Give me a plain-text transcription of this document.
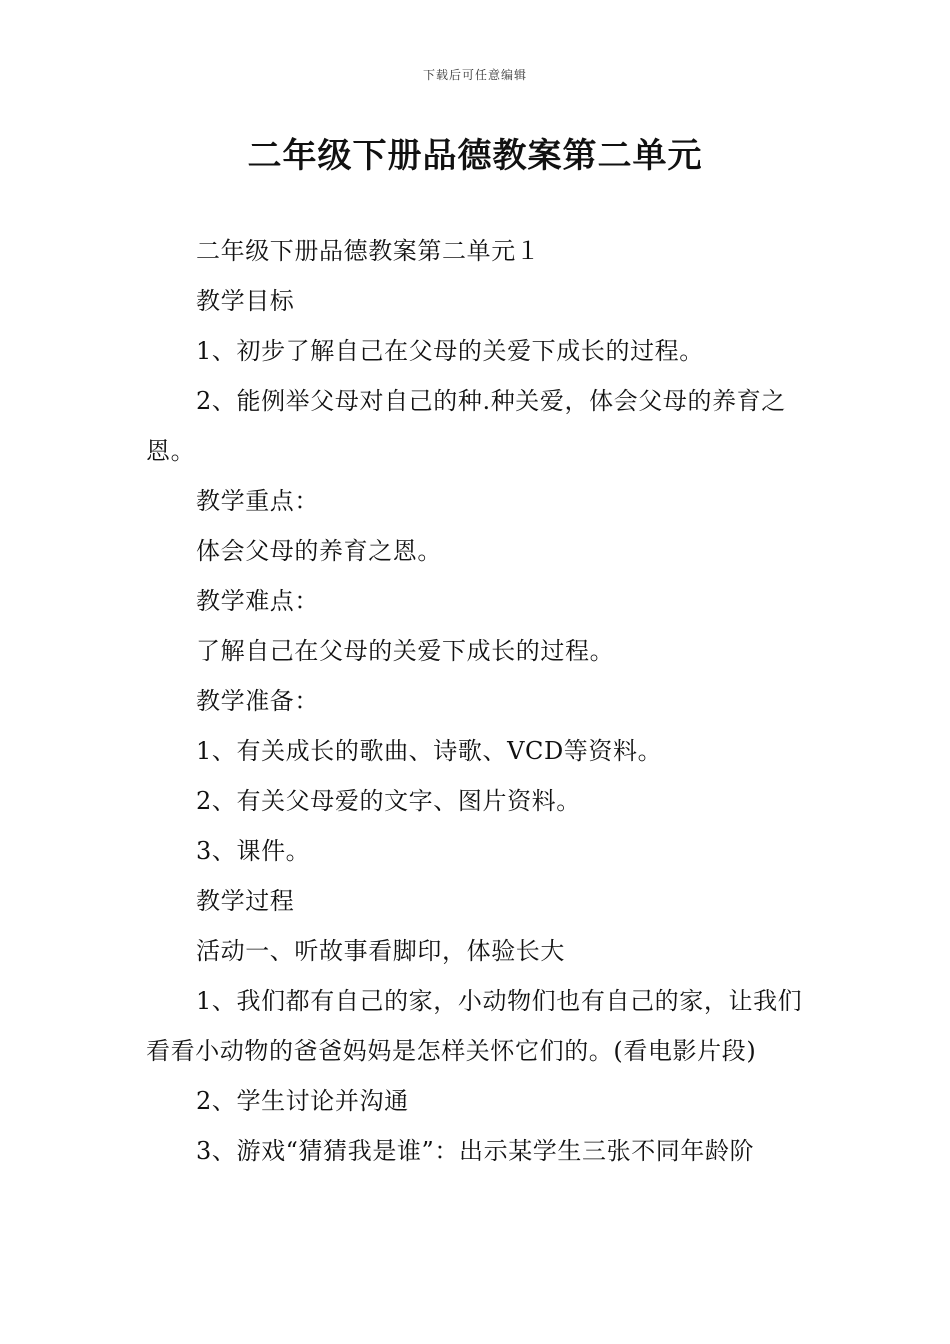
下载后可任意编辑
二年级下册品德教案第二单元

二年级下册品德教案第二单元１

教学目标

1、初步了解自己在父母的关爱下成长的过程。

2、能例举父母对自己的种.种关爱，体会父母的养育之恩。

教学重点：

体会父母的养育之恩。

教学难点：

了解自己在父母的关爱下成长的过程。

教学准备：

1、有关成长的歌曲、诗歌、VCD等资料。

2、有关父母爱的文字、图片资料。

3、课件。

教学过程

活动一、听故事看脚印，体验长大

1、我们都有自己的家，小动物们也有自己的家，让我们看看小动物的爸爸妈妈是怎样关怀它们的。(看电影片段)

2、学生讨论并沟通

3、游戏“猜猜我是谁”：出示某学生三张不同年龄阶
